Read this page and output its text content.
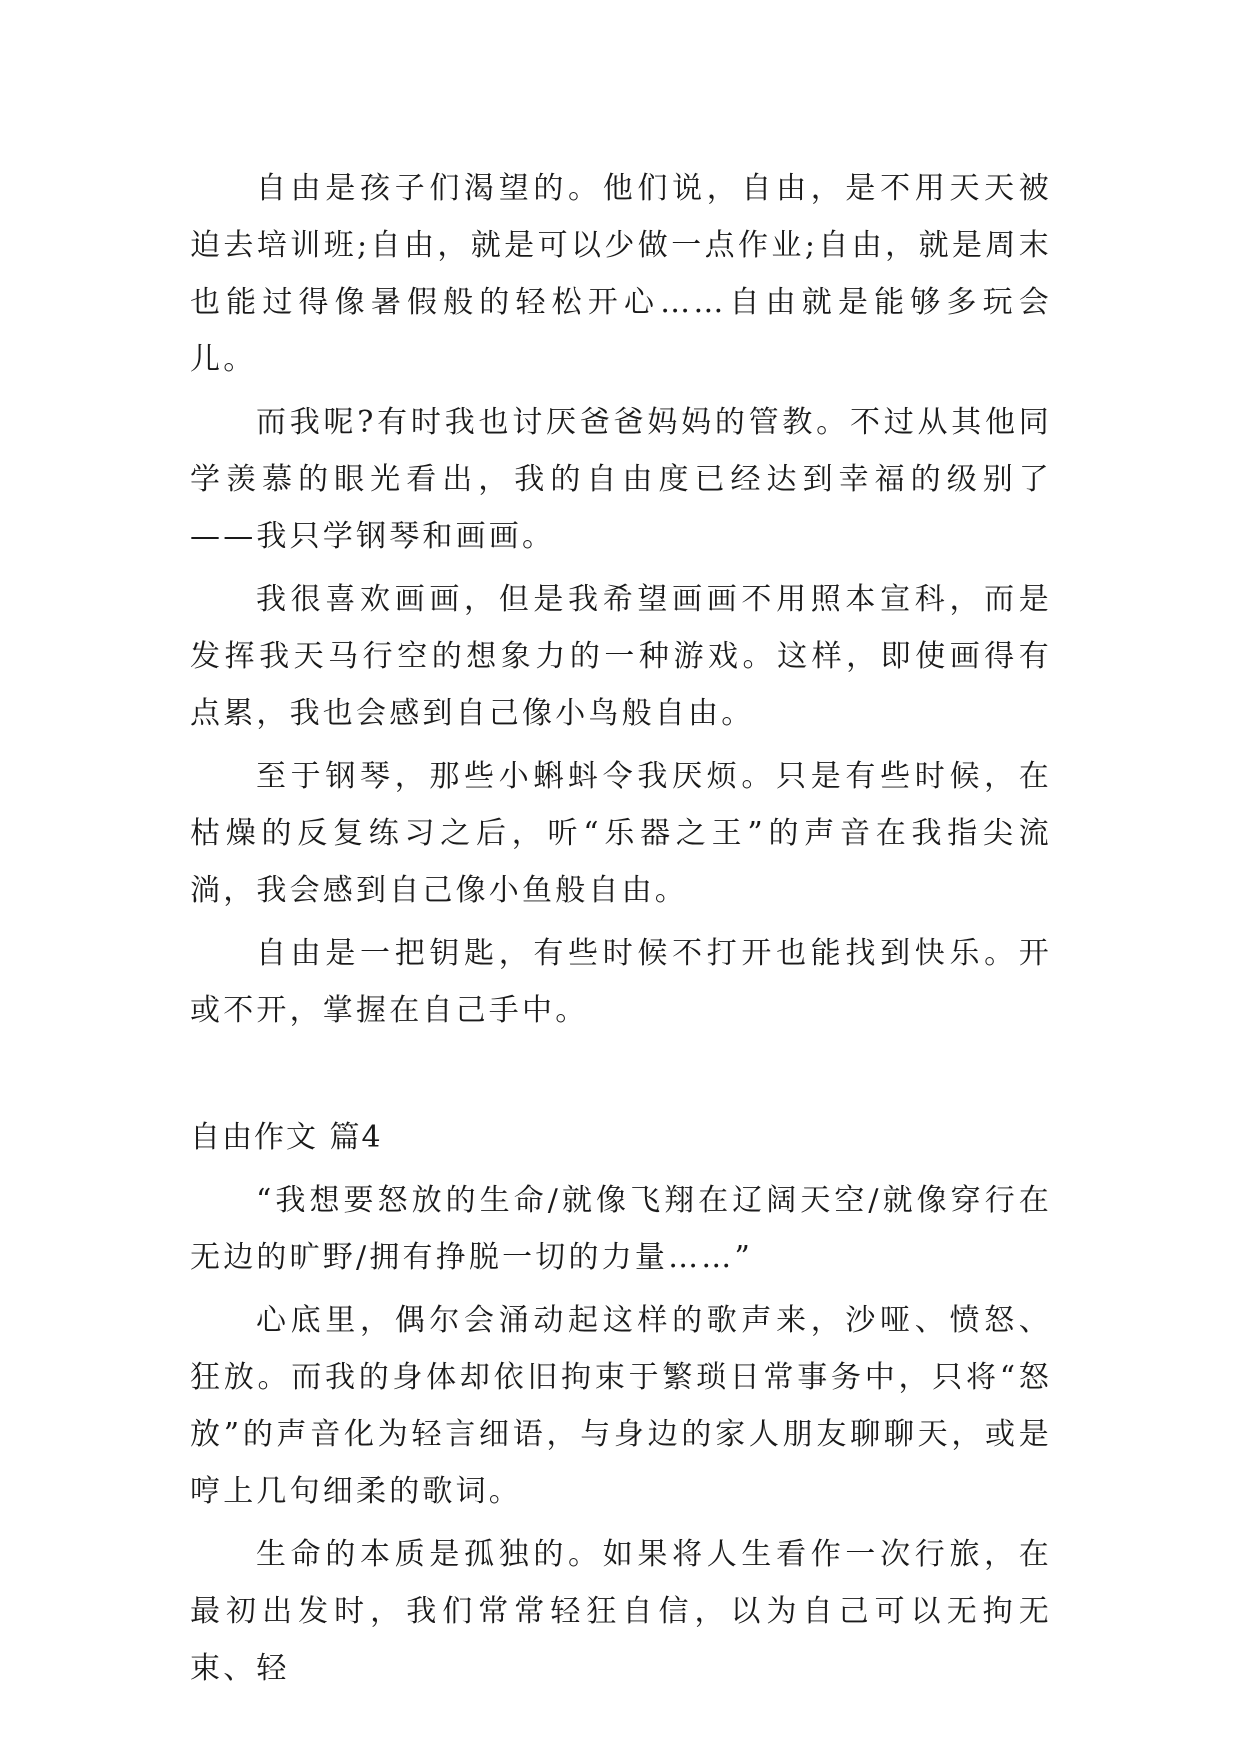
自由是孩子们渴望的。他们说，自由，是不用天天被迫去培训班;自由，就是可以少做一点作业;自由，就是周末也能过得像暑假般的轻松开心……自由就是能够多玩会儿。

而我呢?有时我也讨厌爸爸妈妈的管教。不过从其他同学羡慕的眼光看出，我的自由度已经达到幸福的级别了——我只学钢琴和画画。

我很喜欢画画，但是我希望画画不用照本宣科，而是发挥我天马行空的想象力的一种游戏。这样，即使画得有点累，我也会感到自己像小鸟般自由。

至于钢琴，那些小蝌蚪令我厌烦。只是有些时候，在枯燥的反复练习之后，听“乐器之王”的声音在我指尖流淌，我会感到自己像小鱼般自由。

自由是一把钥匙，有些时候不打开也能找到快乐。开或不开，掌握在自己手中。

自由作文 篇4

“我想要怒放的生命/就像飞翔在辽阔天空/就像穿行在无边的旷野/拥有挣脱一切的力量……”

心底里，偶尔会涌动起这样的歌声来，沙哑、愤怒、狂放。而我的身体却依旧拘束于繁琐日常事务中，只将“怒放”的声音化为轻言细语，与身边的家人朋友聊聊天，或是哼上几句细柔的歌词。

生命的本质是孤独的。如果将人生看作一次行旅，在最初出发时，我们常常轻狂自信，以为自己可以无拘无束、轻
